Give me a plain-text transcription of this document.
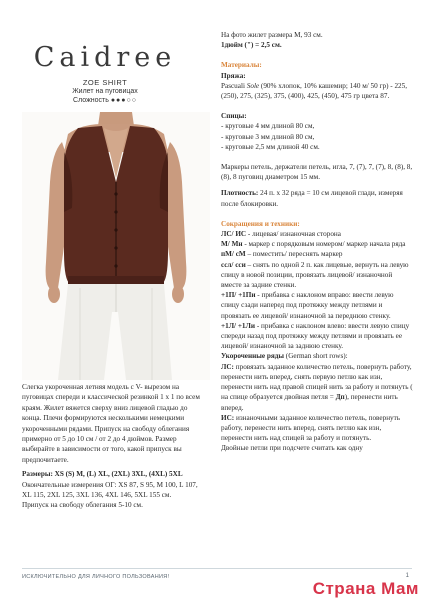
Caidree
ZOE SHIRT
Жилет на пуговицах
Сложность ●●●○○

Слегка укороченная летняя модель с V- вырезом на пуговицах спереди и классической резинкой 1 х 1 по всем краям. Жилет вяжется сверху вниз лицевой гладью до конца. Плечи формируются несколькими немецкими укороченными рядами. Припуск на свободу облегания примерно от 5 до 10 см / от 2 до 4 дюймов. Размер выбирайте в зависимости от того, какой припуск вы предпочитаете.

Размеры: XS (S) M, (L) XL, (2XL) 3XL, (4XL) 5XL

Окончательные измерения ОГ: XS 87, S 95, M 100, L 107, XL 115, 2XL 125, 3XL 136, 4XL 146, 5XL 155 см.

Припуск на свободу облегания 5-10 см.

На фото жилет размера M, 93 см.

1дюйм (") = 2,5 см.

Материалы:

Пряжа:

Pascuali Sole (90% хлопок, 10% кашемир; 140 м/ 50 гр) - 225, (250), 275, (325), 375, (400), 425, (450), 475 гр цвета 87.

Спицы:

- круговые 4 мм длиной 80 см,

- круговые 3 мм длиной 80 см,

- круговые 2,5 мм длиной 40 см.

Маркеры петель, держатели петель, игла, 7, (7), 7, (7), 8, (8), 8, (8), 8 пуговиц диаметром 15 мм.

Плотность: 24 п. х 32 ряда = 10 см лицевой глади, измеряя после блокировки.

Сокращения и техники:

ЛС/ ИС - лицевая/ изнаночная сторона

М/ Мн - маркер с порядковым номером/ маркер начала ряда

пМ/ сМ – поместить/ переснять маркер

ссл/ сси – снять по одной 2 п. как лицевые, вернуть на левую спицу в новой позиции, провязать лицевой/ изнаночной вместе за задние стенки.

+1П/ +1Пи - прибавка с наклоном вправо: ввести левую спицу сзади наперед под протяжку между петлями и провязать ее лицевой/ изнаночной за переднюю стенку.

+1Л/ +1Ли - прибавка с наклоном влево: ввести левую спицу спереди назад под протяжку между петлями и провязать ее лицевой/ изнаночной за заднюю стенку.

Укороченные ряды (German short rows):

ЛС: провязать заданное количество петель, повернуть работу, перенести нить вперед, снять первую петлю как изн, перенести нить над правой спицей нить за работу и потянуть ( на спице образуется двойная петля = Дп), перенести нить вперед.

ИС: изнаночными заданное количество петель, повернуть работу, перенести нить вперед, снять петлю как изн, перенести нить над спицей за работу и потянуть.

Двойные петли при подсчете считать как одну

ИСКЛЮЧИТЕЛЬНО ДЛЯ ЛИЧНОГО ПОЛЬЗОВАНИЯ!	1
Страна Мам
